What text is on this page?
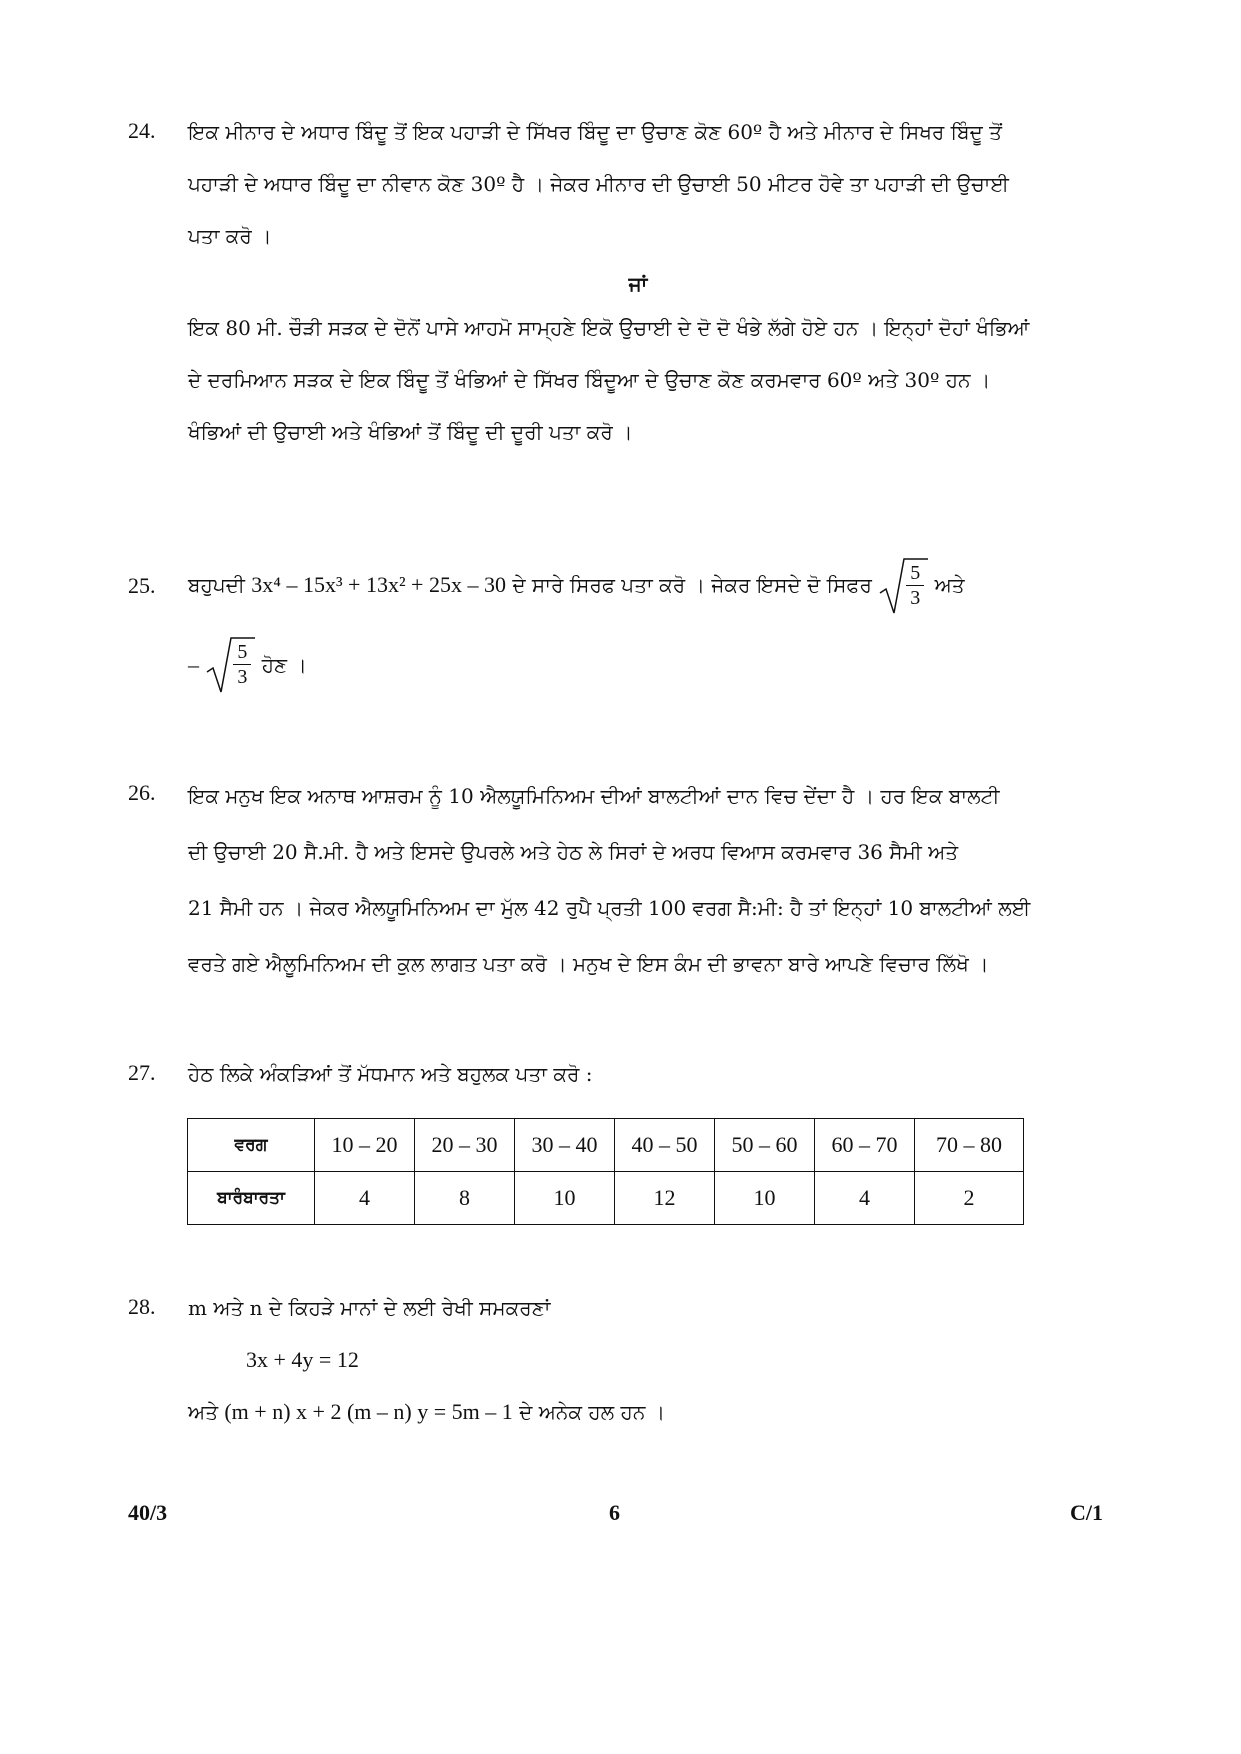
24. ਇਕ ਮੀਨਾਰ ਦੇ ਅਧਾਰ ਬਿੰਦੂ ਤੋਂ ਇਕ ਪਹਾੜੀ ਦੇ ਸਿੱਖਰ ਬਿੰਦੂ ਦਾ ਉਚਾਣ ਕੋਣ 60º ਹੈ ਅਤੇ ਮੀਨਾਰ ਦੇ ਸਿਖਰ ਬਿੰਦੂ ਤੋਂ
ਪਹਾੜੀ ਦੇ ਅਧਾਰ ਬਿੰਦੂ ਦਾ ਨੀਵਾਨ ਕੋਣ 30º ਹੈ । ਜੇਕਰ ਮੀਨਾਰ ਦੀ ਉਚਾਈ 50 ਮੀਟਰ ਹੋਵੇ ਤਾ ਪਹਾੜੀ ਦੀ ਉਚਾਈ
ਪਤਾ ਕਰੋ ।
ਜਾਂ
ਇਕ 80 ਮੀ. ਚੌੜੀ ਸੜਕ ਦੇ ਦੋਨੋਂ ਪਾਸੇ ਆਹਮੋ ਸਾਮ੍ਹਣੇ ਇਕੋ ਉਚਾਈ ਦੇ ਦੋ ਦੋ ਖੰਭੇ ਲੱਗੇ ਹੋਏ ਹਨ । ਇਨ੍ਹਾਂ ਦੋਹਾਂ ਖੰਭਿਆਂ
ਦੇ ਦਰਮਿਆਨ ਸੜਕ ਦੇ ਇਕ ਬਿੰਦੂ ਤੋਂ ਖੰਭਿਆਂ ਦੇ ਸਿੱਖਰ ਬਿੰਦੂਆ ਦੇ ਉਚਾਣ ਕੋਣ ਕਰਮਵਾਰ 60º ਅਤੇ 30º ਹਨ ।
ਖੰਭਿਆਂ ਦੀ ਉਚਾਈ ਅਤੇ ਖੰਭਿਆਂ ਤੋਂ ਬਿੰਦੂ ਦੀ ਦੂਰੀ ਪਤਾ ਕਰੋ ।
25. ਬਹੁਪਦੀ 3x⁴ – 15x³ + 13x² + 25x – 30 ਦੇ ਸਾਰੇ ਸਿਰਫ ਪਤਾ ਕਰੋ । ਜੇਕਰ ਇਸਦੇ ਦੋ ਸਿਫਰ $\frac{5}{3}$ ਅਤੇ
– $\frac{5}{3}$ ਹੋਣ ।
26. ਇਕ ਮਨੁਖ ਇਕ ਅਨਾਥ ਆਸ਼ਰਮ ਨੂੰ 10 ਐਲਯੂਮਿਨਿਅਮ ਦੀਆਂ ਬਾਲਟੀਆਂ ਦਾਨ ਵਿਚ ਦੇਂਦਾ ਹੈ । ਹਰ ਇਕ ਬਾਲਟੀ
ਦੀ ਉਚਾਈ 20 ਸੈ.ਮੀ. ਹੈ ਅਤੇ ਇਸਦੇ ਉਪਰਲੇ ਅਤੇ ਹੇਠ ਲੇ ਸਿਰਾਂ ਦੇ ਅਰਧ ਵਿਆਸ ਕਰਮਵਾਰ 36 ਸੈਮੀ ਅਤੇ
21 ਸੈਮੀ ਹਨ । ਜੇਕਰ ਐਲਯੂਮਿਨਿਅਮ ਦਾ ਮੁੱਲ 42 ਰੁਪੈ ਪ੍ਰਤੀ 100 ਵਰਗ ਸੈ:ਮੀ: ਹੈ ਤਾਂ ਇਨ੍ਹਾਂ 10 ਬਾਲਟੀਆਂ ਲਈ
ਵਰਤੇ ਗਏ ਐਲੂਮਿਨਿਅਮ ਦੀ ਕੁਲ ਲਾਗਤ ਪਤਾ ਕਰੋ । ਮਨੁਖ ਦੇ ਇਸ ਕੰਮ ਦੀ ਭਾਵਨਾ ਬਾਰੇ ਆਪਣੇ ਵਿਚਾਰ ਲਿੱਖੋ ।
27. ਹੇਠ ਲਿਕੇ ਅੰਕੜਿਆਂ ਤੋਂ ਮੱਧਮਾਨ ਅਤੇ ਬਹੁਲਕ ਪਤਾ ਕਰੋ :
ਵਰਗ	10 – 20	20 – 30	30 – 40	40 – 50	50 – 60	60 – 70	70 – 80
ਬਾਰੰਬਾਰਤਾ	4	8	10	12	10	4	2
28. m ਅਤੇ n ਦੇ ਕਿਹੜੇ ਮਾਨਾਂ ਦੇ ਲਈ ਰੇਖੀ ਸਮਕਰਣਾਂ
3x + 4y = 12
ਅਤੇ (m + n) x + 2 (m – n) y = 5m – 1 ਦੇ ਅਨੇਕ ਹਲ ਹਨ ।
40/3	6	C/1
